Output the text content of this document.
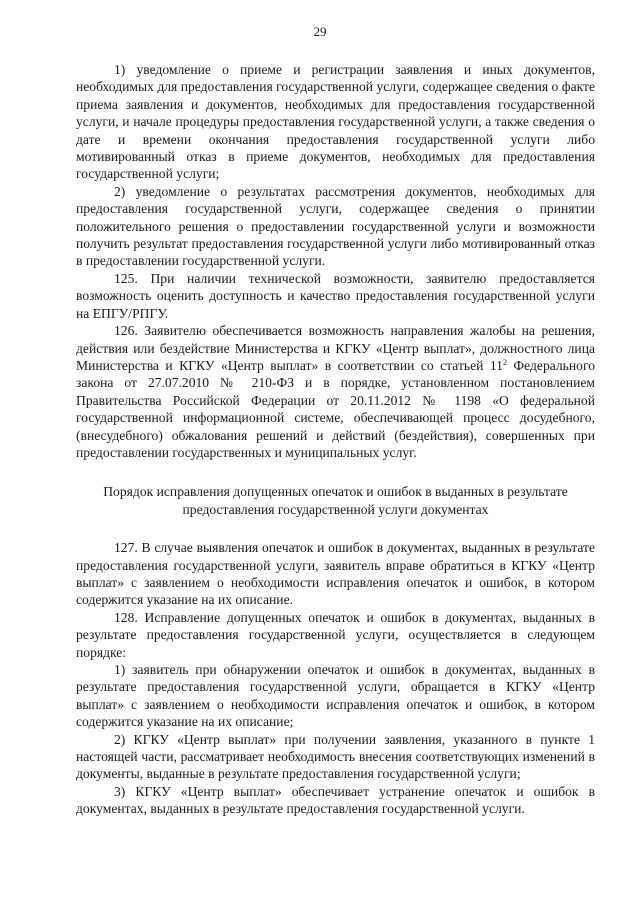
29

1) уведомление о приеме и регистрации заявления и иных документов, необходимых для предоставления государственной услуги, содержащее сведения о факте приема заявления и документов, необходимых для предоставления государственной услуги, и начале процедуры предоставления государственной услуги, а также сведения о дате и времени окончания предоставления государственной услуги либо мотивированный отказ в приеме документов, необходимых для предоставления государственной услуги;

2) уведомление о результатах рассмотрения документов, необходимых для предоставления государственной услуги, содержащее сведения о принятии положительного решения о предоставлении государственной услуги и возможности получить результат предоставления государственной услуги либо мотивированный отказ в предоставлении государственной услуги.

125. При наличии технической возможности, заявителю предоставляется возможность оценить доступность и качество предоставления государственной услуги на ЕПГУ/РПГУ.

126. Заявителю обеспечивается возможность направления жалобы на решения, действия или бездействие Министерства и КГКУ «Центр выплат», должностного лица Министерства и КГКУ «Центр выплат» в соответствии со статьей $11^2$ Федерального закона от 27.07.2010 № 210-ФЗ и в порядке, установленном постановлением Правительства Российской Федерации от 20.11.2012 № 1198 «О федеральной государственной информационной системе, обеспечивающей процесс досудебного, (внесудебного) обжалования решений и действий (бездействия), совершенных при предоставлении государственных и муниципальных услуг.

Порядок исправления допущенных опечаток и ошибок в выданных в результате предоставления государственной услуги документах

127. В случае выявления опечаток и ошибок в документах, выданных в результате предоставления государственной услуги, заявитель вправе обратиться в КГКУ «Центр выплат» с заявлением о необходимости исправления опечаток и ошибок, в котором содержится указание на их описание.

128. Исправление допущенных опечаток и ошибок в документах, выданных в результате предоставления государственной услуги, осуществляется в следующем порядке:

1) заявитель при обнаружении опечаток и ошибок в документах, выданных в результате предоставления государственной услуги, обращается в КГКУ «Центр выплат» с заявлением о необходимости исправления опечаток и ошибок, в котором содержится указание на их описание;

2) КГКУ «Центр выплат» при получении заявления, указанного в пункте 1 настоящей части, рассматривает необходимость внесения соответствующих изменений в документы, выданные в результате предоставления государственной услуги;

3) КГКУ «Центр выплат» обеспечивает устранение опечаток и ошибок в документах, выданных в результате предоставления государственной услуги.
